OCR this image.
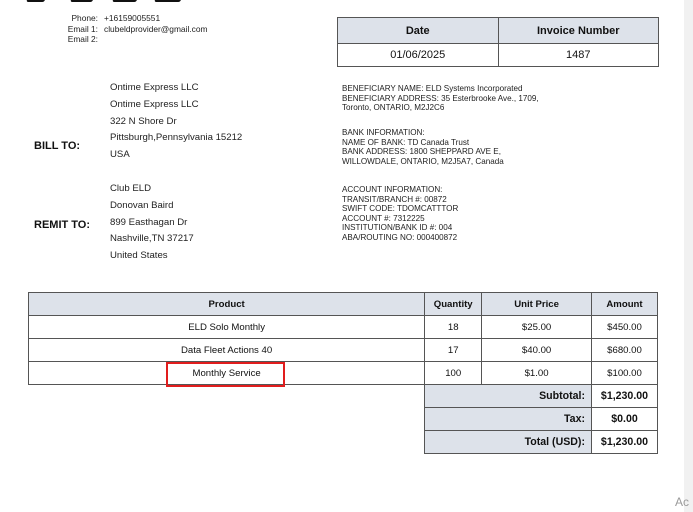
Phone: +16159005551
Email 1: clubeldprovider@gmail.com
Email 2:
Date	Invoice Number
01/06/2025	1487
BILL TO:
Ontime Express LLC
Ontime Express LLC
322 N Shore Dr
Pittsburgh,Pennsylvania 15212
USA
REMIT TO:
Club ELD
Donovan Baird
899 Easthagan Dr
Nashville,TN 37217
United States
BENEFICIARY NAME: ELD Systems Incorporated
BENEFICIARY ADDRESS: 35 Esterbrooke Ave., 1709,
Toronto, ONTARIO, M2J2C6
BANK INFORMATION:
NAME OF BANK: TD Canada Trust
BANK ADDRESS: 1800 SHEPPARD AVE E,
WILLOWDALE, ONTARIO, M2J5A7, Canada
ACCOUNT INFORMATION:
TRANSIT/BRANCH #: 00872
SWIFT CODE: TDOMCATTTOR
ACCOUNT #: 7312225
INSTITUTION/BANK ID #: 004
ABA/ROUTING NO: 000400872
Product	Quantity	Unit Price	Amount
ELD Solo Monthly	18	$25.00	$450.00
Data Fleet Actions 40	17	$40.00	$680.00
Monthly Service	100	$1.00	$100.00
	Subtotal:		$1,230.00
	Tax:		$0.00
	Total (USD):		$1,230.00
Ac
